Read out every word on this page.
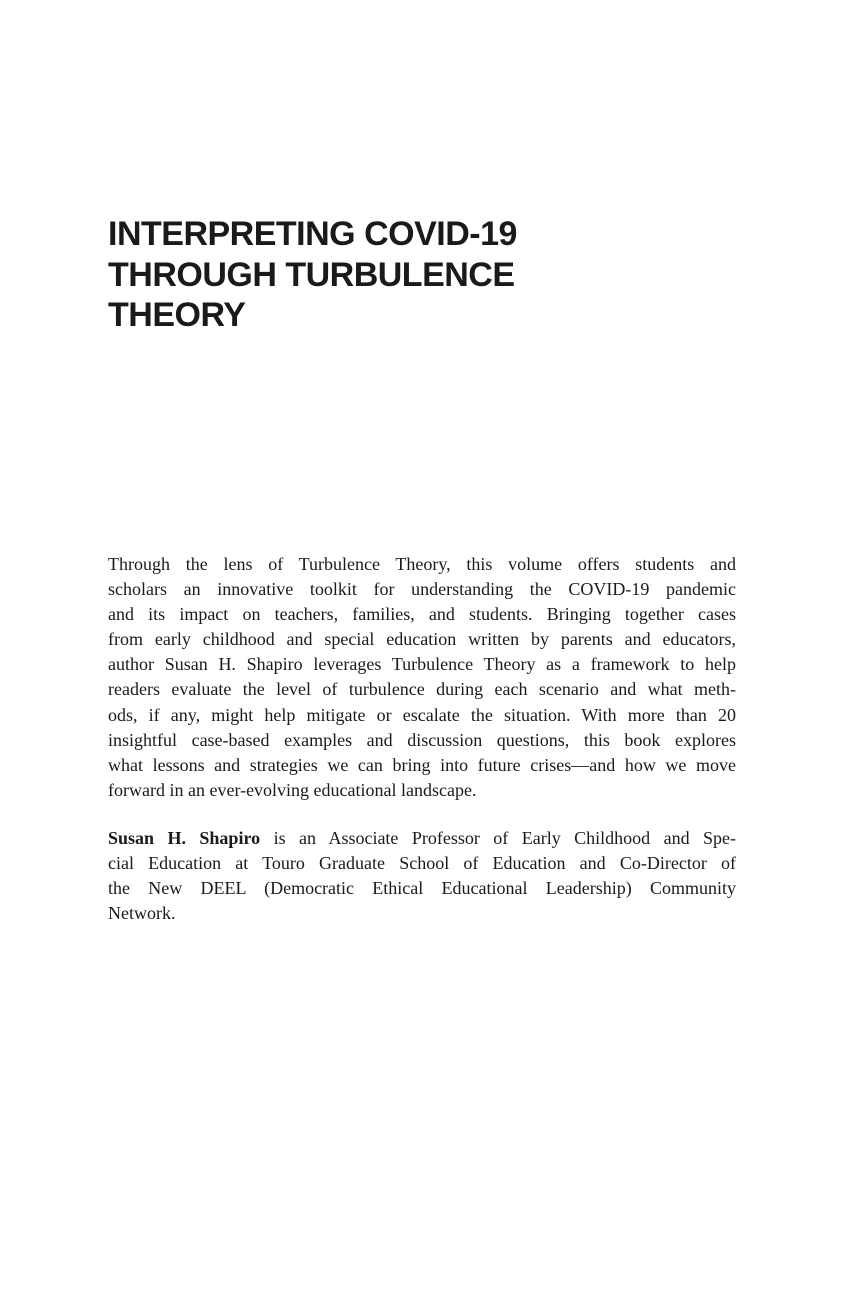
INTERPRETING COVID-19
THROUGH TURBULENCE
THEORY
Through the lens of Turbulence Theory, this volume offers students and
scholars an innovative toolkit for understanding the COVID-19 pandemic
and its impact on teachers, families, and students. Bringing together cases
from early childhood and special education written by parents and educators,
author Susan H. Shapiro leverages Turbulence Theory as a framework to help
readers evaluate the level of turbulence during each scenario and what meth-
ods, if any, might help mitigate or escalate the situation. With more than 20
insightful case-based examples and discussion questions, this book explores
what lessons and strategies we can bring into future crises—and how we move
forward in an ever-evolving educational landscape.
Susan H. Shapiro is an Associate Professor of Early Childhood and Spe-
cial Education at Touro Graduate School of Education and Co-Director of
the New DEEL (Democratic Ethical Educational Leadership) Community
Network.
